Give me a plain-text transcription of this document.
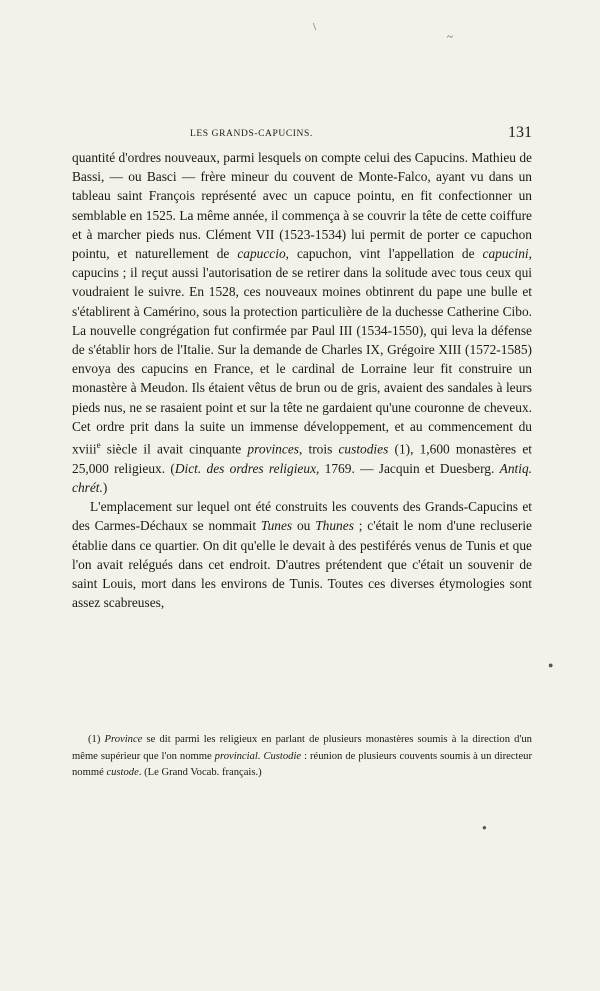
\
~
●
●
LES GRANDS-CAPUCINS.	131

quantité d'ordres nouveaux, parmi lesquels on compte celui des Capucins. Mathieu de Bassi, — ou Basci — frère mineur du couvent de Monte-Falco, ayant vu dans un tableau saint François représenté avec un capuce pointu, en fit confectionner un semblable en 1525. La même année, il commença à se couvrir la tête de cette coiffure et à marcher pieds nus. Clément VII (1523-1534) lui permit de porter ce capuchon pointu, et naturellement de capuccio, capuchon, vint l'appellation de capucini, capucins ; il reçut aussi l'autorisation de se retirer dans la solitude avec tous ceux qui voudraient le suivre. En 1528, ces nouveaux moines obtinrent du pape une bulle et s'établirent à Camérino, sous la protection particulière de la duchesse Catherine Cibo. La nouvelle congrégation fut confirmée par Paul III (1534-1550), qui leva la défense de s'établir hors de l'Italie. Sur la demande de Charles IX, Grégoire XIII (1572-1585) envoya des capucins en France, et le cardinal de Lorraine leur fit construire un monastère à Meudon. Ils étaient vêtus de brun ou de gris, avaient des sandales à leurs pieds nus, ne se rasaient point et sur la tête ne gardaient qu'une couronne de cheveux. Cet ordre prit dans la suite un immense développement, et au commencement du xviii$^e$ siècle il avait cinquante provinces, trois custodies (1), 1,600 monastères et 25,000 religieux. (Dict. des ordres religieux, 1769. — Jacquin et Duesberg. Antiq. chrét.)

L'emplacement sur lequel ont été construits les couvents des Grands-Capucins et des Carmes-Déchaux se nommait Tunes ou Thunes ; c'était le nom d'une recluserie établie dans ce quartier. On dit qu'elle le devait à des pestiférés venus de Tunis et que l'on avait relégués dans cet endroit. D'autres prétendent que c'était un souvenir de saint Louis, mort dans les environs de Tunis. Toutes ces diverses étymologies sont assez scabreuses,

(1) Province se dit parmi les religieux en parlant de plusieurs monastères soumis à la direction d'un même supérieur que l'on nomme provincial. Custodie : réunion de plusieurs couvents soumis à un directeur nommé custode. (Le Grand Vocab. français.)
